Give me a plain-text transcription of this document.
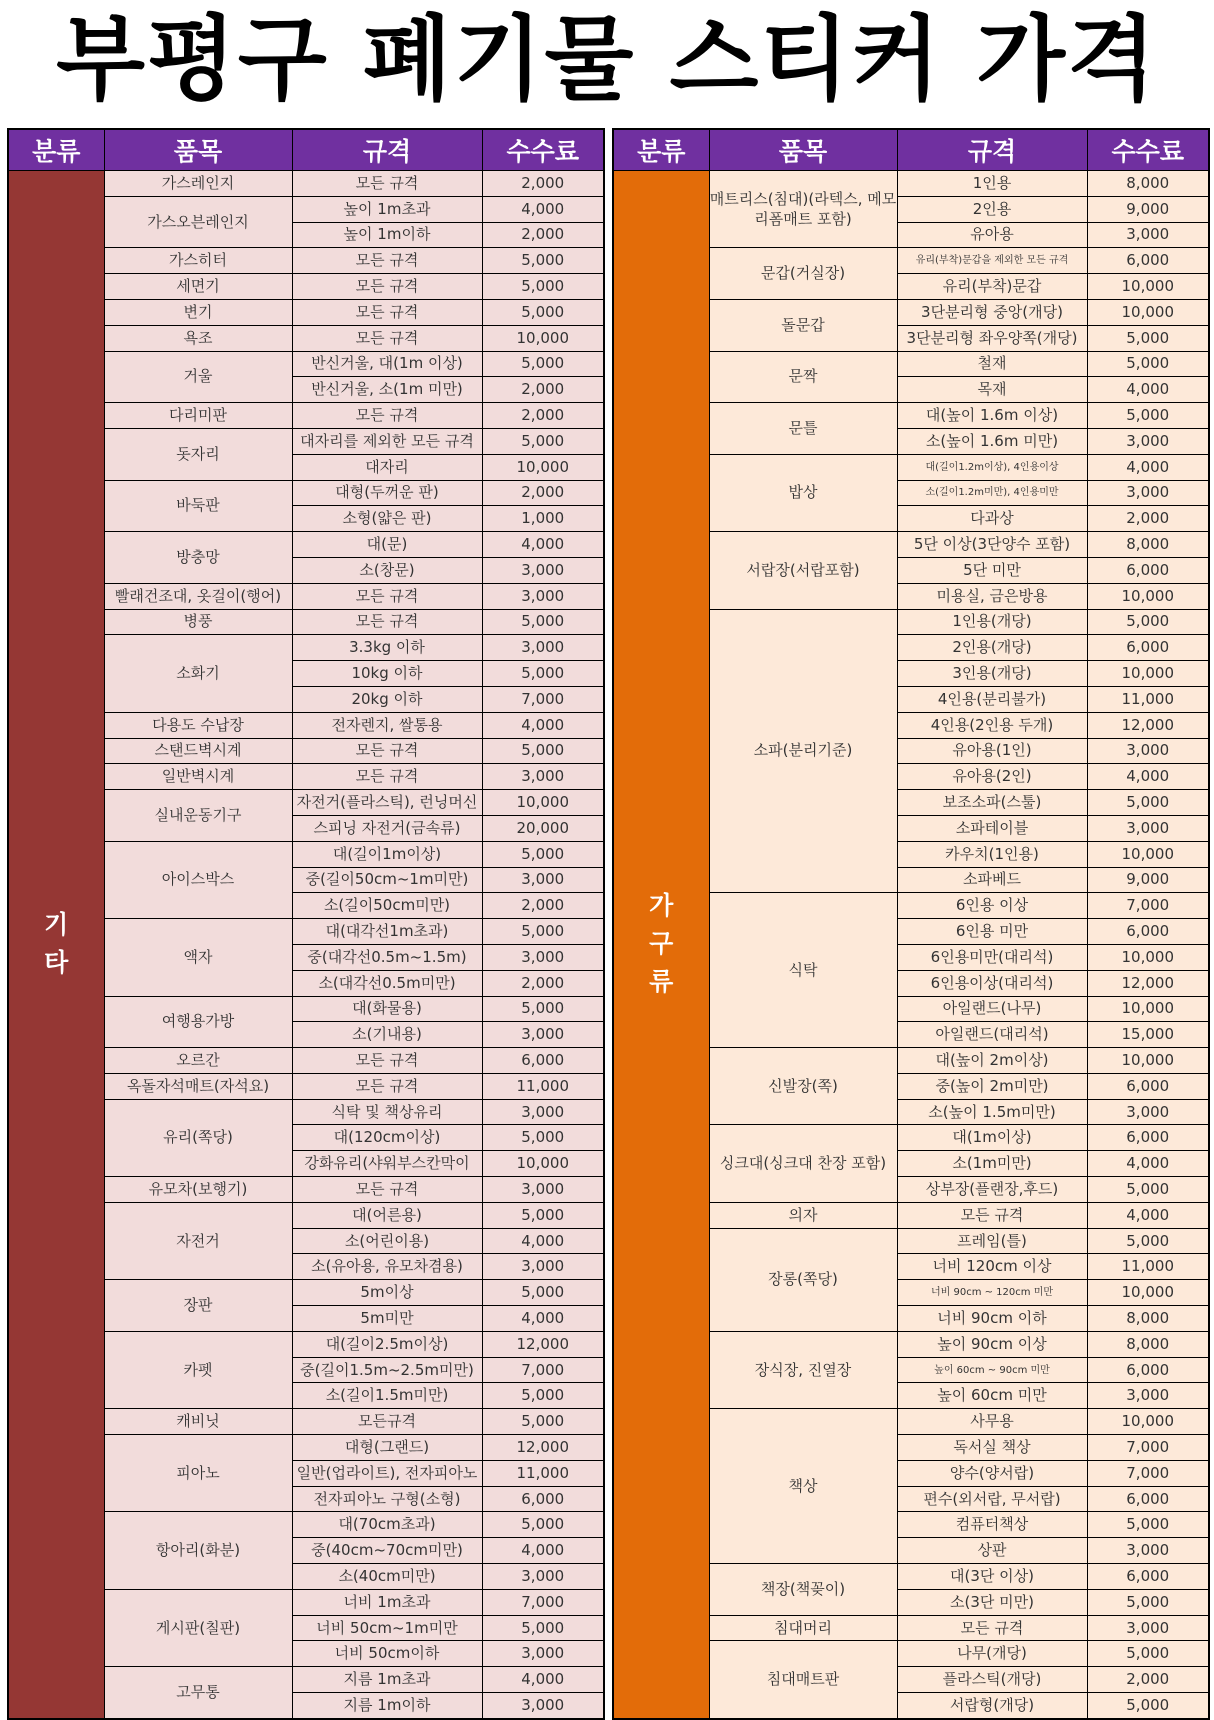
부평구 폐기물 스티커 가격
분류	품목	규격	수수료
기
타	가스레인지	모든 규격	2,000
	가스오븐레인지	높이 1m초과	4,000
		높이 1m이하	2,000
	가스히터	모든 규격	5,000
	세면기	모든 규격	5,000
	변기	모든 규격	5,000
	욕조	모든 규격	10,000
	거울	반신거울, 대(1m 이상)	5,000
		반신거울, 소(1m 미만)	2,000
	다리미판	모든 규격	2,000
	돗자리	대자리를 제외한 모든 규격	5,000
		대자리	10,000
	바둑판	대형(두꺼운 판)	2,000
		소형(얇은 판)	1,000
	방충망	대(문)	4,000
		소(창문)	3,000
	빨래건조대, 옷걸이(행어)	모든 규격	3,000
	병풍	모든 규격	5,000
	소화기	3.3kg 이하	3,000
		10kg 이하	5,000
		20kg 이하	7,000
	다용도 수납장	전자렌지, 쌀통용	4,000
	스탠드벽시계	모든 규격	5,000
	일반벽시계	모든 규격	3,000
	실내운동기구	자전거(플라스틱), 런닝머신	10,000
		스피닝 자전거(금속류)	20,000
	아이스박스	대(길이1m이상)	5,000
		중(길이50cm~1m미만)	3,000
		소(길이50cm미만)	2,000
	액자	대(대각선1m초과)	5,000
		중(대각선0.5m~1.5m)	3,000
		소(대각선0.5m미만)	2,000
	여행용가방	대(화물용)	5,000
		소(기내용)	3,000
	오르간	모든 규격	6,000
	옥돌자석매트(자석요)	모든 규격	11,000
	유리(쪽당)	식탁 및 책상유리	3,000
		대(120cm이상)	5,000
		강화유리(샤워부스칸막이	10,000
	유모차(보행기)	모든 규격	3,000
	자전거	대(어른용)	5,000
		소(어린이용)	4,000
		소(유아용, 유모차겸용)	3,000
	장판	5m이상	5,000
		5m미만	4,000
	카펫	대(길이2.5m이상)	12,000
		중(길이1.5m~2.5m미만)	7,000
		소(길이1.5m미만)	5,000
	캐비닛	모든규격	5,000
	피아노	대형(그랜드)	12,000
		일반(업라이트), 전자피아노	11,000
		전자피아노 구형(소형)	6,000
	항아리(화분)	대(70cm초과)	5,000
		중(40cm~70cm미만)	4,000
		소(40cm미만)	3,000
	게시판(칠판)	너비 1m초과	7,000
		너비 50cm~1m미만	5,000
		너비 50cm이하	3,000
	고무통	지름 1m초과	4,000
		지름 1m이하	3,000
분류	품목	규격	수수료
가
구
류	매트리스(침대)(라텍스, 메모리폼매트 포함)	1인용	8,000
		2인용	9,000
		유아용	3,000
	문갑(거실장)	유리(부착)문갑을 제외한 모든 규격	6,000
		유리(부착)문갑	10,000
	돌문갑	3단분리형 중앙(개당)	10,000
		3단분리형 좌우양쪽(개당)	5,000
	문짝	철재	5,000
		목재	4,000
	문틀	대(높이 1.6m 이상)	5,000
		소(높이 1.6m 미만)	3,000
	밥상	대(길이1.2m이상), 4인용이상	4,000
		소(길이1.2m미만), 4인용미만	3,000
		다과상	2,000
	서랍장(서랍포함)	5단 이상(3단양수 포함)	8,000
		5단 미만	6,000
		미용실, 금은방용	10,000
	소파(분리기준)	1인용(개당)	5,000
		2인용(개당)	6,000
		3인용(개당)	10,000
		4인용(분리불가)	11,000
		4인용(2인용 두개)	12,000
		유아용(1인)	3,000
		유아용(2인)	4,000
		보조소파(스툴)	5,000
		소파테이블	3,000
		카우치(1인용)	10,000
		소파베드	9,000
	식탁	6인용 이상	7,000
		6인용 미만	6,000
		6인용미만(대리석)	10,000
		6인용이상(대리석)	12,000
		아일랜드(나무)	10,000
		아일랜드(대리석)	15,000
	신발장(쪽)	대(높이 2m이상)	10,000
		중(높이 2m미만)	6,000
		소(높이 1.5m미만)	3,000
	싱크대(싱크대 찬장 포함)	대(1m이상)	6,000
		소(1m미만)	4,000
		상부장(플랜장,후드)	5,000
	의자	모든 규격	4,000
	장롱(쪽당)	프레임(틀)	5,000
		너비 120cm 이상	11,000
		너비 90cm ~ 120cm 미만	10,000
		너비 90cm 이하	8,000
	장식장, 진열장	높이 90cm 이상	8,000
		높이 60cm ~ 90cm 미만	6,000
		높이 60cm 미만	3,000
	책상	사무용	10,000
		독서실 책상	7,000
		양수(양서랍)	7,000
		편수(외서랍, 무서랍)	6,000
		컴퓨터책상	5,000
		상판	3,000
	책장(책꽂이)	대(3단 이상)	6,000
		소(3단 미만)	5,000
	침대머리	모든 규격	3,000
	침대매트판	나무(개당)	5,000
		플라스틱(개당)	2,000
		서랍형(개당)	5,000
